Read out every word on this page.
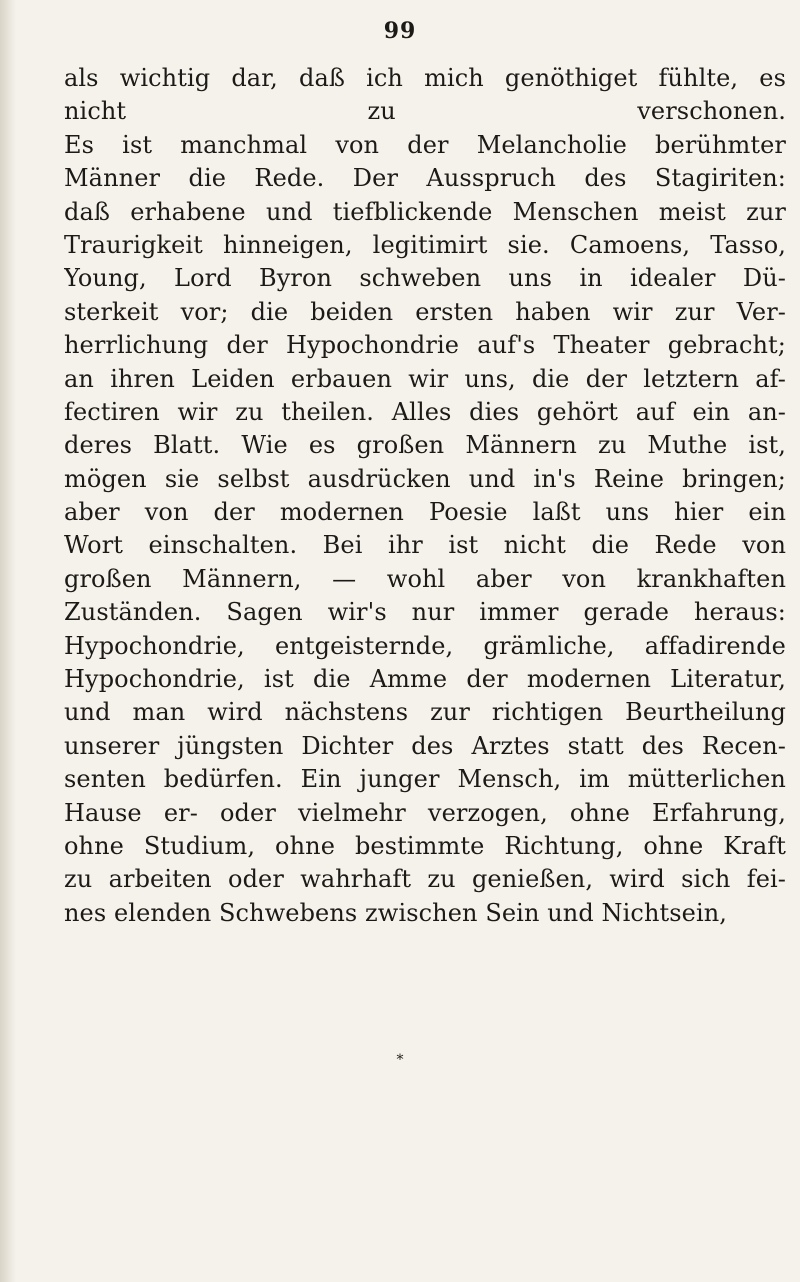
99
als wichtig dar, daß ich mich genöthiget fühlte, es
nicht zu verschonen.
Es ist manchmal von der Melancholie berühmter
Männer die Rede. Der Ausspruch des Stagiriten:
daß erhabene und tiefblickende Menschen meist zur
Traurigkeit hinneigen, legitimirt sie. Camoens, Tasso,
Young, Lord Byron schweben uns in idealer Dü-
sterkeit vor; die beiden ersten haben wir zur Ver-
herrlichung der Hypochondrie auf's Theater gebracht;
an ihren Leiden erbauen wir uns, die der letztern af-
fectiren wir zu theilen. Alles dies gehört auf ein an-
deres Blatt. Wie es großen Männern zu Muthe ist,
mögen sie selbst ausdrücken und in's Reine bringen;
aber von der modernen Poesie laßt uns hier ein
Wort einschalten. Bei ihr ist nicht die Rede von
großen Männern, — wohl aber von krankhaften
Zuständen. Sagen wir's nur immer gerade heraus:
Hypochondrie, entgeisternde, grämliche, affadirende
Hypochondrie, ist die Amme der modernen Literatur,
und man wird nächstens zur richtigen Beurtheilung
unserer jüngsten Dichter des Arztes statt des Recen-
senten bedürfen. Ein junger Mensch, im mütterlichen
Hause er- oder vielmehr verzogen, ohne Erfahrung,
ohne Studium, ohne bestimmte Richtung, ohne Kraft
zu arbeiten oder wahrhaft zu genießen, wird sich fei-
nes elenden Schwebens zwischen Sein und Nichtsein,
*
